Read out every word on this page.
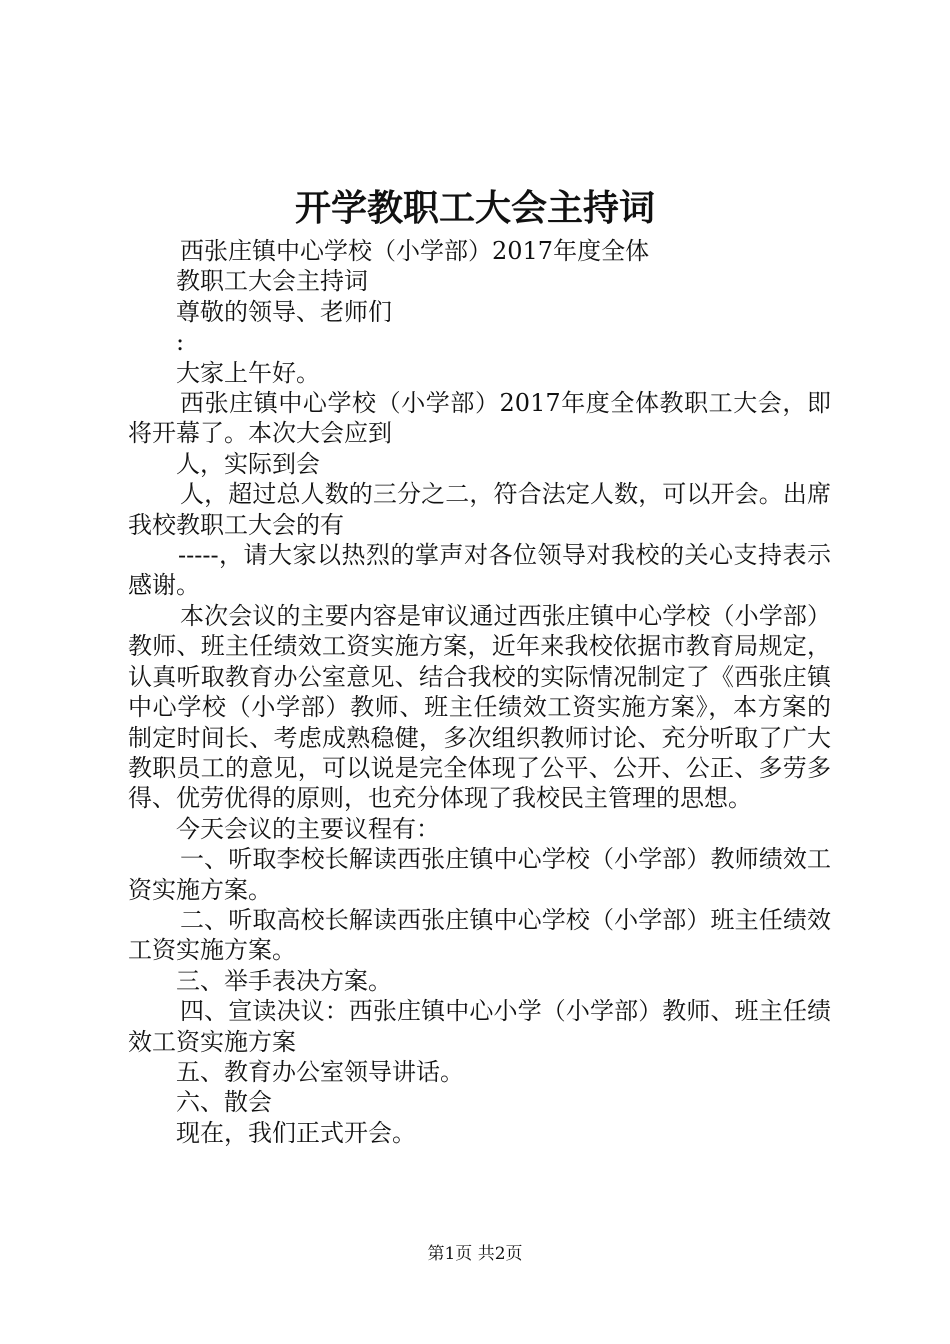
开学教职工大会主持词

西张庄镇中心学校（小学部）2017年度全体

教职工大会主持词

尊敬的领导、老师们

:

大家上午好。

西张庄镇中心学校（小学部）2017年度全体教职工大会，即将开幕了。本次大会应到

人，实际到会

人，超过总人数的三分之二，符合法定人数，可以开会。出席我校教职工大会的有

-----，请大家以热烈的掌声对各位领导对我校的关心支持表示感谢。

本次会议的主要内容是审议通过西张庄镇中心学校（小学部）教师、班主任绩效工资实施方案，近年来我校依据市教育局规定，认真听取教育办公室意见、结合我校的实际情况制定了《西张庄镇中心学校（小学部）教师、班主任绩效工资实施方案》，本方案的制定时间长、考虑成熟稳健，多次组织教师讨论、充分听取了广大教职员工的意见，可以说是完全体现了公平、公开、公正、多劳多得、优劳优得的原则，也充分体现了我校民主管理的思想。

今天会议的主要议程有：

一、听取李校长解读西张庄镇中心学校（小学部）教师绩效工资实施方案。

二、听取高校长解读西张庄镇中心学校（小学部）班主任绩效工资实施方案。

三、举手表决方案。

四、宣读决议：西张庄镇中心小学（小学部）教师、班主任绩效工资实施方案

五、教育办公室领导讲话。

六、散会

现在，我们正式开会。

第1页 共2页
